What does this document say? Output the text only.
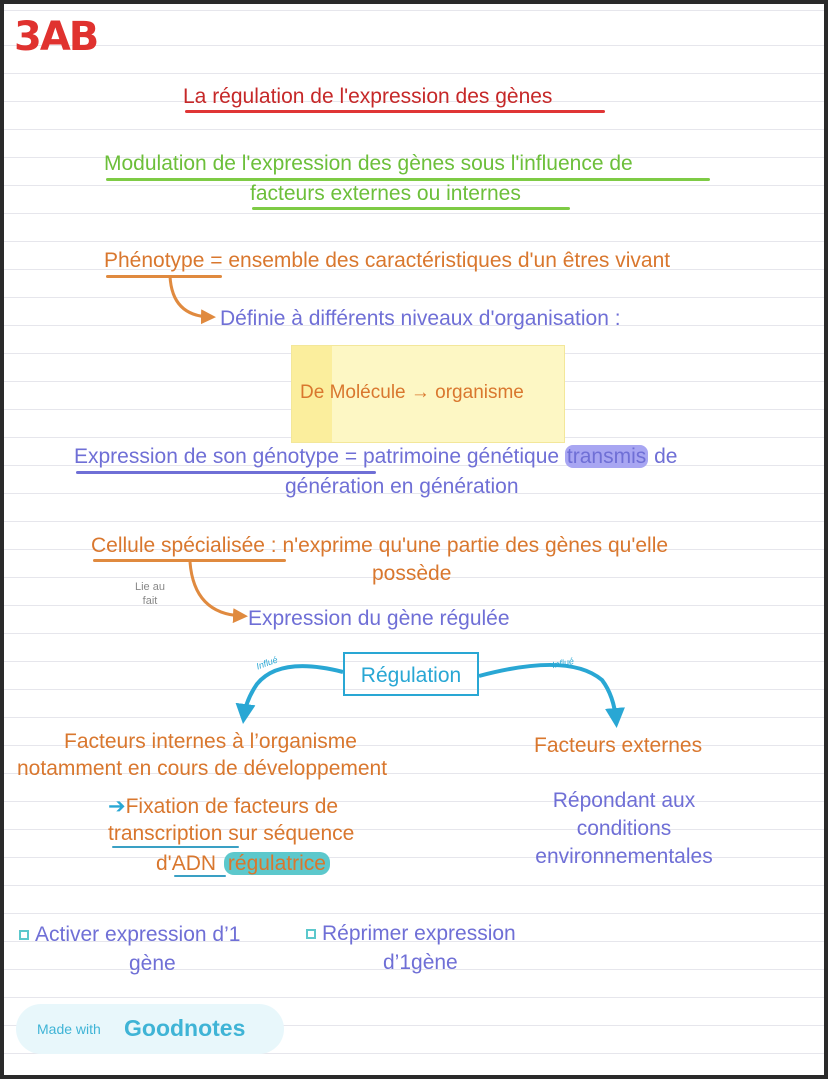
3AB
La régulation de l'expression des gènes
Modulation de l'expression des gènes sous l'influence de
facteurs externes ou internes
Phénotype = ensemble des caractéristiques d'un êtres vivant
Définie à différents niveaux d'organisation :
De Molécule → organisme
Expression de son génotype = patrimoine génétique transmis de
génération en génération
Cellule spécialisée : n'exprime qu'une partie des gènes qu'elle
possède
Lie au
fait
Expression du gène régulée
Régulation
Influé	Influé
Facteurs internes à l’organisme
notamment en cours de développement
➔Fixation de facteurs de
transcription sur séquence
d'ADN régulatrice
Facteurs externes
Répondant aux
conditions
environnementales
Activer expression d’1
gène
Réprimer expression
d’1gène
Made with Goodnotes
